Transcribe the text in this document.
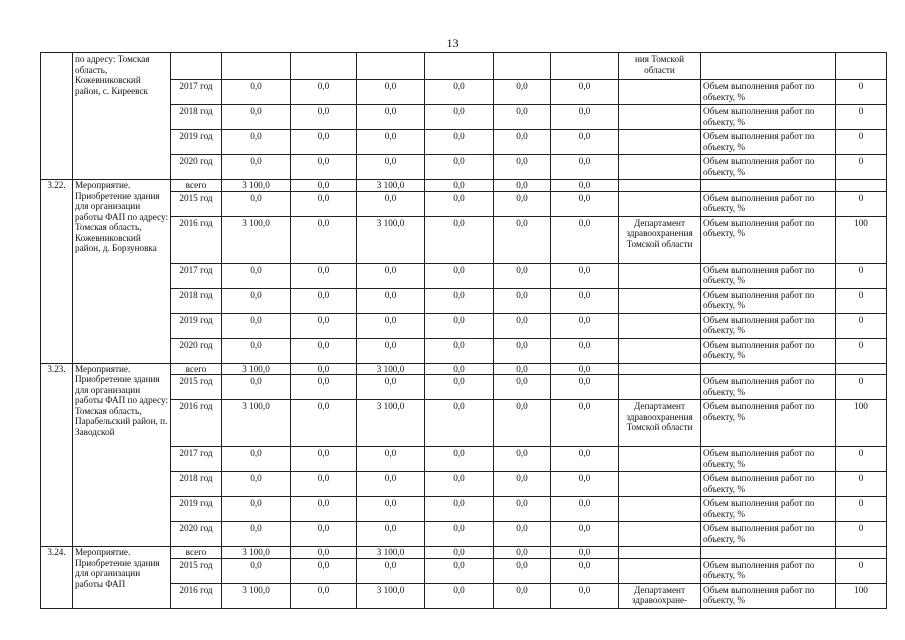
13
	по адресу: Томская область, Кожевниковский район, с. Киреевск								ния Томской области		
		2017 год	0,0	0,0	0,0	0,0	0,0	0,0		Объем выполнения работ по объекту, %	0
		2018 год	0,0	0,0	0,0	0,0	0,0	0,0		Объем выполнения работ по объекту, %	0
		2019 год	0,0	0,0	0,0	0,0	0,0	0,0		Объем выполнения работ по объекту, %	0
		2020 год	0,0	0,0	0,0	0,0	0,0	0,0		Объем выполнения работ по объекту, %	0
3.22.	Мероприятие. Приобретение здания для организации работы ФАП по адресу: Томская область, Кожевниковский район, д. Борзуновка	всего	3 100,0	0,0	3 100,0	0,0	0,0	0,0			
		2015 год	0,0	0,0	0,0	0,0	0,0	0,0		Объем выполнения работ по объекту, %	0
		2016 год	3 100,0	0,0	3 100,0	0,0	0,0	0,0	Департамент здравоохранения Томской области	Объем выполнения работ по объекту, %	100
		2017 год	0,0	0,0	0,0	0,0	0,0	0,0		Объем выполнения работ по объекту, %	0
		2018 год	0,0	0,0	0,0	0,0	0,0	0,0		Объем выполнения работ по объекту, %	0
		2019 год	0,0	0,0	0,0	0,0	0,0	0,0		Объем выполнения работ по объекту, %	0
		2020 год	0,0	0,0	0,0	0,0	0,0	0,0		Объем выполнения работ по объекту, %	0
3.23.	Мероприятие. Приобретение здания для организации работы ФАП по адресу: Томская область, Парабельский район, п. Заводской	всего	3 100,0	0,0	3 100,0	0,0	0,0	0,0			
		2015 год	0,0	0,0	0,0	0,0	0,0	0,0		Объем выполнения работ по объекту, %	0
		2016 год	3 100,0	0,0	3 100,0	0,0	0,0	0,0	Департамент здравоохранения Томской области	Объем выполнения работ по объекту, %	100
		2017 год	0,0	0,0	0,0	0,0	0,0	0,0		Объем выполнения работ по объекту, %	0
		2018 год	0,0	0,0	0,0	0,0	0,0	0,0		Объем выполнения работ по объекту, %	0
		2019 год	0,0	0,0	0,0	0,0	0,0	0,0		Объем выполнения работ по объекту, %	0
		2020 год	0,0	0,0	0,0	0,0	0,0	0,0		Объем выполнения работ по объекту, %	0
3.24.	Мероприятие. Приобретение здания для организации работы ФАП	всего	3 100,0	0,0	3 100,0	0,0	0,0	0,0			
		2015 год	0,0	0,0	0,0	0,0	0,0	0,0		Объем выполнения работ по объекту, %	0
		2016 год	3 100,0	0,0	3 100,0	0,0	0,0	0,0	Департамент здравоохране-	Объем выполнения работ по объекту, %	100
